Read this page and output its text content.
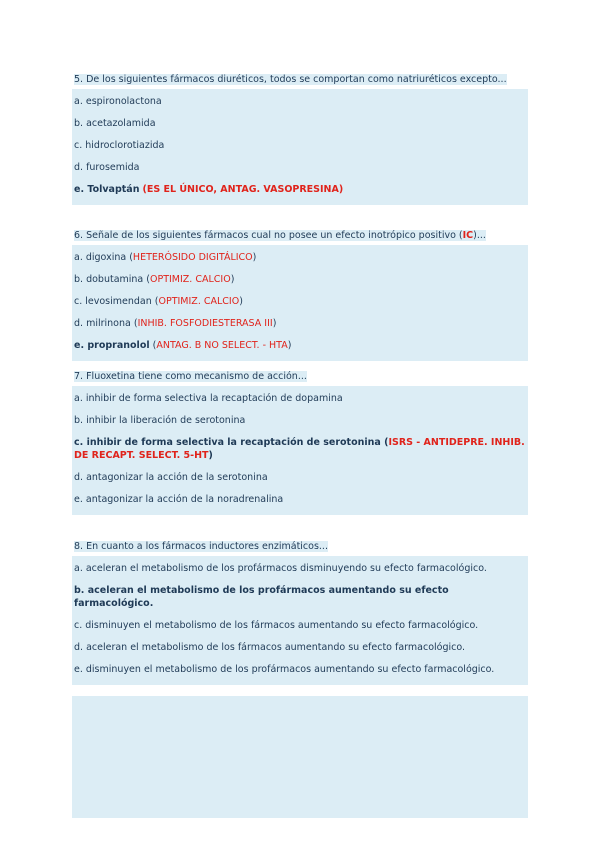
5. De los siguientes fármacos diuréticos, todos se comportan como natriuréticos excepto...
a. espironolactona
b. acetazolamida
c. hidroclorotiazida
d. furosemida
e. Tolvaptán (ES EL ÚNICO, ANTAG. VASOPRESINA)
6. Señale de los siguientes fármacos cual no posee un efecto inotrópico positivo (IC)...
a. digoxina (HETERÓSIDO DIGITÁLICO)
b. dobutamina (OPTIMIZ. CALCIO)
c. levosimendan (OPTIMIZ. CALCIO)
d. milrinona (INHIB. FOSFODIESTERASA III)
e. propranolol (ANTAG. B NO SELECT. - HTA)
7. Fluoxetina tiene como mecanismo de acción...
a. inhibir de forma selectiva la recaptación de dopamina
b. inhibir la liberación de serotonina
c. inhibir de forma selectiva la recaptación de serotonina (ISRS - ANTIDEPRE. INHIB. DE RECAPT. SELECT. 5-HT)
d. antagonizar la acción de la serotonina
e. antagonizar la acción de la noradrenalina
8. En cuanto a los fármacos inductores enzimáticos...
a. aceleran el metabolismo de los profármacos disminuyendo su efecto farmacológico.
b. aceleran el metabolismo de los profármacos aumentando su efecto farmacológico.
c. disminuyen el metabolismo de los fármacos aumentando su efecto farmacológico.
d. aceleran el metabolismo de los fármacos aumentando su efecto farmacológico.
e. disminuyen el metabolismo de los profármacos aumentando su efecto farmacológico.
